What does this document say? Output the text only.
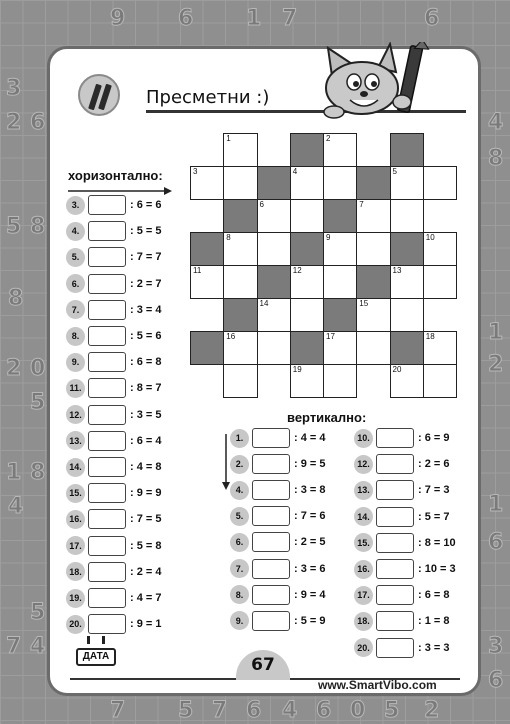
9 6 1 7	6
3
2 6	4
8
5 8
8
1
2
0
2
5
1 8
1
4
6
5
7 4	3
6
7 5 7 6 4 6 0 5 2
Пресметни :)
хоризонтално:
вертикално:
1	2
3	4	5
6	7
8	9	10
11	12	13
14	15
16	17	18
19	20
3.	: 6 = 6
4.	: 5 = 5
5.	: 7 = 7
6.	: 2 = 7
7.	: 3 = 4
8.	: 5 = 6
9.	: 6 = 8
11.	: 8 = 7
12.	: 3 = 5
13.	: 6 = 4
14.	: 4 = 8
15.	: 9 = 9
16.	: 7 = 5
17.	: 5 = 8
18.	: 2 = 4
19.	: 4 = 7
20.	: 9 = 1
1.	: 4 = 4
2.	: 9 = 5
4.	: 3 = 8
5.	: 7 = 6
6.	: 2 = 5
7.	: 3 = 6
8.	: 9 = 4
9.	: 5 = 9
10.	: 6 = 9
12.	: 2 = 6
13.	: 7 = 3
14.	: 5 = 7
15.	: 8 = 10
16.	: 10 = 3
17.	: 6 = 8
18.	: 1 = 8
20.	: 3 = 3
ДАТА	67
www.SmartVibo.com
